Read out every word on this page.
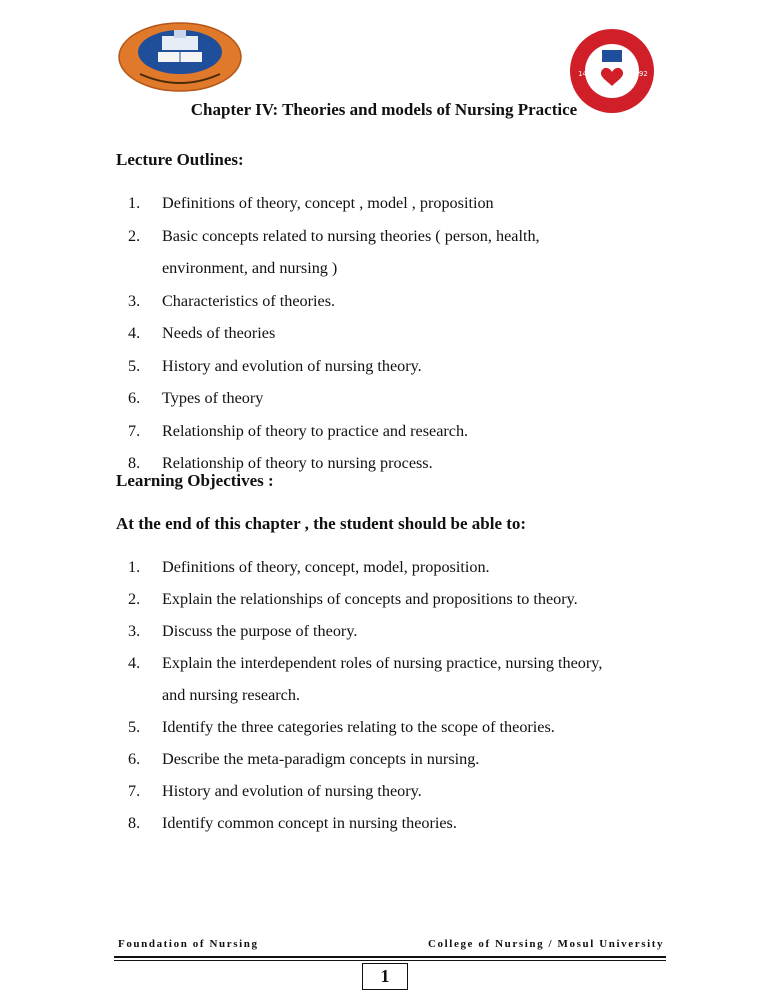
1412	1992
Chapter IV: Theories and models of Nursing Practice
Lecture Outlines:
1. Definitions of theory, concept , model , proposition
2. Basic concepts related to nursing theories ( person, health,
environment, and nursing )
3. Characteristics of theories.
4. Needs of theories
5. History and evolution of nursing theory.
6. Types of theory
7. Relationship of theory to practice and research.
8. Relationship of theory to nursing process.
Learning Objectives :
At the end of this chapter , the student should be able to:
1. Definitions of theory, concept, model, proposition.
2. Explain the relationships of concepts and propositions to theory.
3. Discuss the purpose of theory.
4. Explain the interdependent roles of nursing practice, nursing theory,
and nursing research.
5. Identify the three categories relating to the scope of theories.
6. Describe the meta-paradigm concepts in nursing.
7. History and evolution of nursing theory.
8. Identify common concept in nursing theories.
Foundation of Nursing	College of Nursing / Mosul University
1
